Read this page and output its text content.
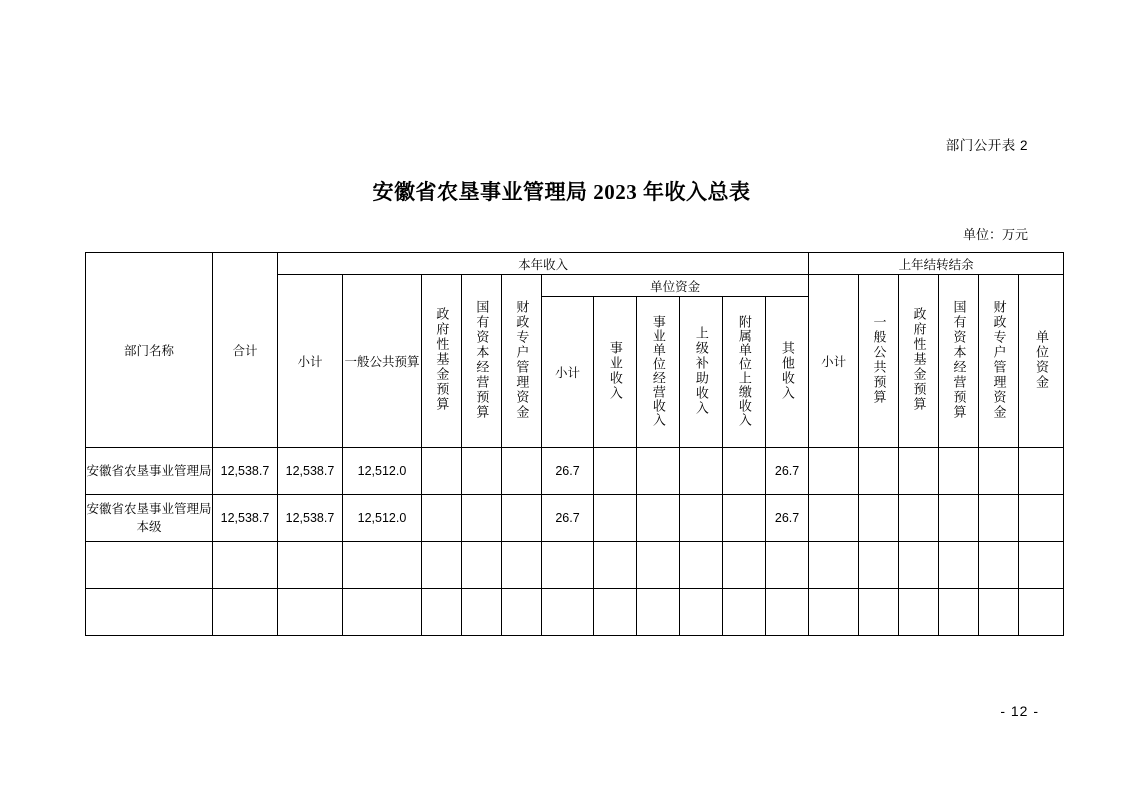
部门公开表 2
安徽省农垦事业管理局 2023 年收入总表
单位：万元
部门名称	合计	本年收入											上年结转结余					
		小计	一般公共预算	政府性基金预算	国有资本经营预算	财政专户管理资金	单位资金						小计	一般公共预算	政府性基金预算	国有资本经营预算	财政专户管理资金	单位资金
							小计	事业收入	事业单位经营收入	上级补助收入	附属单位上缴收入	其他收入						

安徽省农垦事业管理局	12,538.7	12,538.7	12,512.0				26.7					26.7						
安徽省农垦事业管理局本级	12,538.7	12,538.7	12,512.0				26.7					26.7						

- 12 -
